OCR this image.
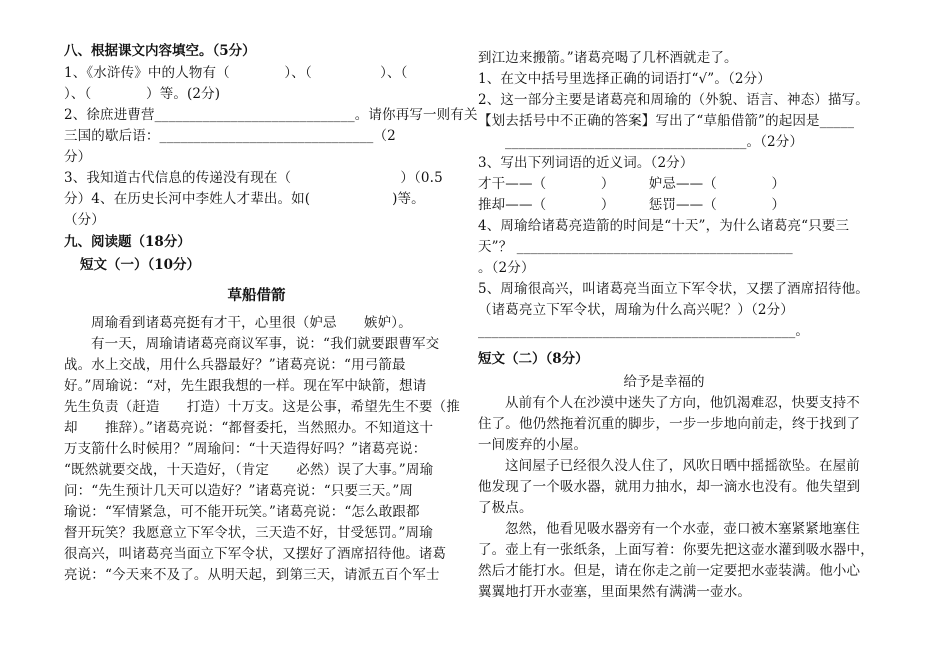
八、根据课文内容填空。（5分）
1、《水浒传》中的人物有（　　　　）、（　　　　　）、（
）、（　　　　）等。(2分)
2、徐庶进曹营_____________________________。请你再写一则有关
三国的歇后语：_______________________________（2
分）
3、我知道古代信息的传递没有现在（　　　　　　　　）（0.5
分）4、在历史长河中李姓人才辈出。如(　　　　　　)等。
（分）
九、阅读题（18分）
短文（一）（10分）
草船借箭
周瑜看到诸葛亮挺有才干，心里很（妒忌　　嫉妒）。
有一天，周瑜请诸葛亮商议军事，说：“我们就要跟曹军交
战。水上交战，用什么兵器最好？”诸葛亮说：“用弓箭最
好。”周瑜说：“对，先生跟我想的一样。现在军中缺箭，想请
先生负责（赶造　　打造）十万支。这是公事，希望先生不要（推
却　　推辞）。”诸葛亮说：“都督委托，当然照办。不知道这十
万支箭什么时候用？”周瑜问：“十天造得好吗？”诸葛亮说：
“既然就要交战，十天造好，（肯定　　必然）误了大事。”周瑜
问：“先生预计几天可以造好？”诸葛亮说：“只要三天。”周
瑜说：“军情紧急，可不能开玩笑。”诸葛亮说：“怎么敢跟都
督开玩笑？我愿意立下军令状，三天造不好，甘受惩罚。”周瑜
很高兴，叫诸葛亮当面立下军令状，又摆好了酒席招待他。诸葛
亮说：“今天来不及了。从明天起，到第三天，请派五百个军士
到江边来搬箭。”诸葛亮喝了几杯酒就走了。
1、在文中括号里选择正确的词语打“√”。（2分）
2、这一部分主要是诸葛亮和周瑜的（外貌、语言、神态）描写。
【划去括号中不正确的答案】写出了“草船借箭”的起因是_____
___________________________________。（2分）
3、写出下列词语的近义词。（2分）
才干——（　　　　）　　　妒忌——（　　　　）
推却——（　　　　）　　　惩罚——（　　　　）
4、周瑜给诸葛亮造箭的时间是“十天”，为什么诸葛亮“只要三
天”？ ________________________________________
。（2分）
5、周瑜很高兴，叫诸葛亮当面立下军令状，又摆了酒席招待他。
（诸葛亮立下军令状，周瑜为什么高兴呢？）（2分）
______________________________________________。
短文（二）（8分）
给予是幸福的
从前有个人在沙漠中迷失了方向，他饥渴难忍，快要支持不
住了。他仍然拖着沉重的脚步，一步一步地向前走，终于找到了
一间废弃的小屋。
这间屋子已经很久没人住了，风吹日晒中摇摇欲坠。在屋前
他发现了一个吸水器，就用力抽水，却一滴水也没有。他失望到
了极点。
忽然，他看见吸水器旁有一个水壶，壶口被木塞紧紧地塞住
了。壶上有一张纸条，上面写着：你要先把这壶水灌到吸水器中，
然后才能打水。但是，请在你走之前一定要把水壶装满。他小心
翼翼地打开水壶塞，里面果然有满满一壶水。
